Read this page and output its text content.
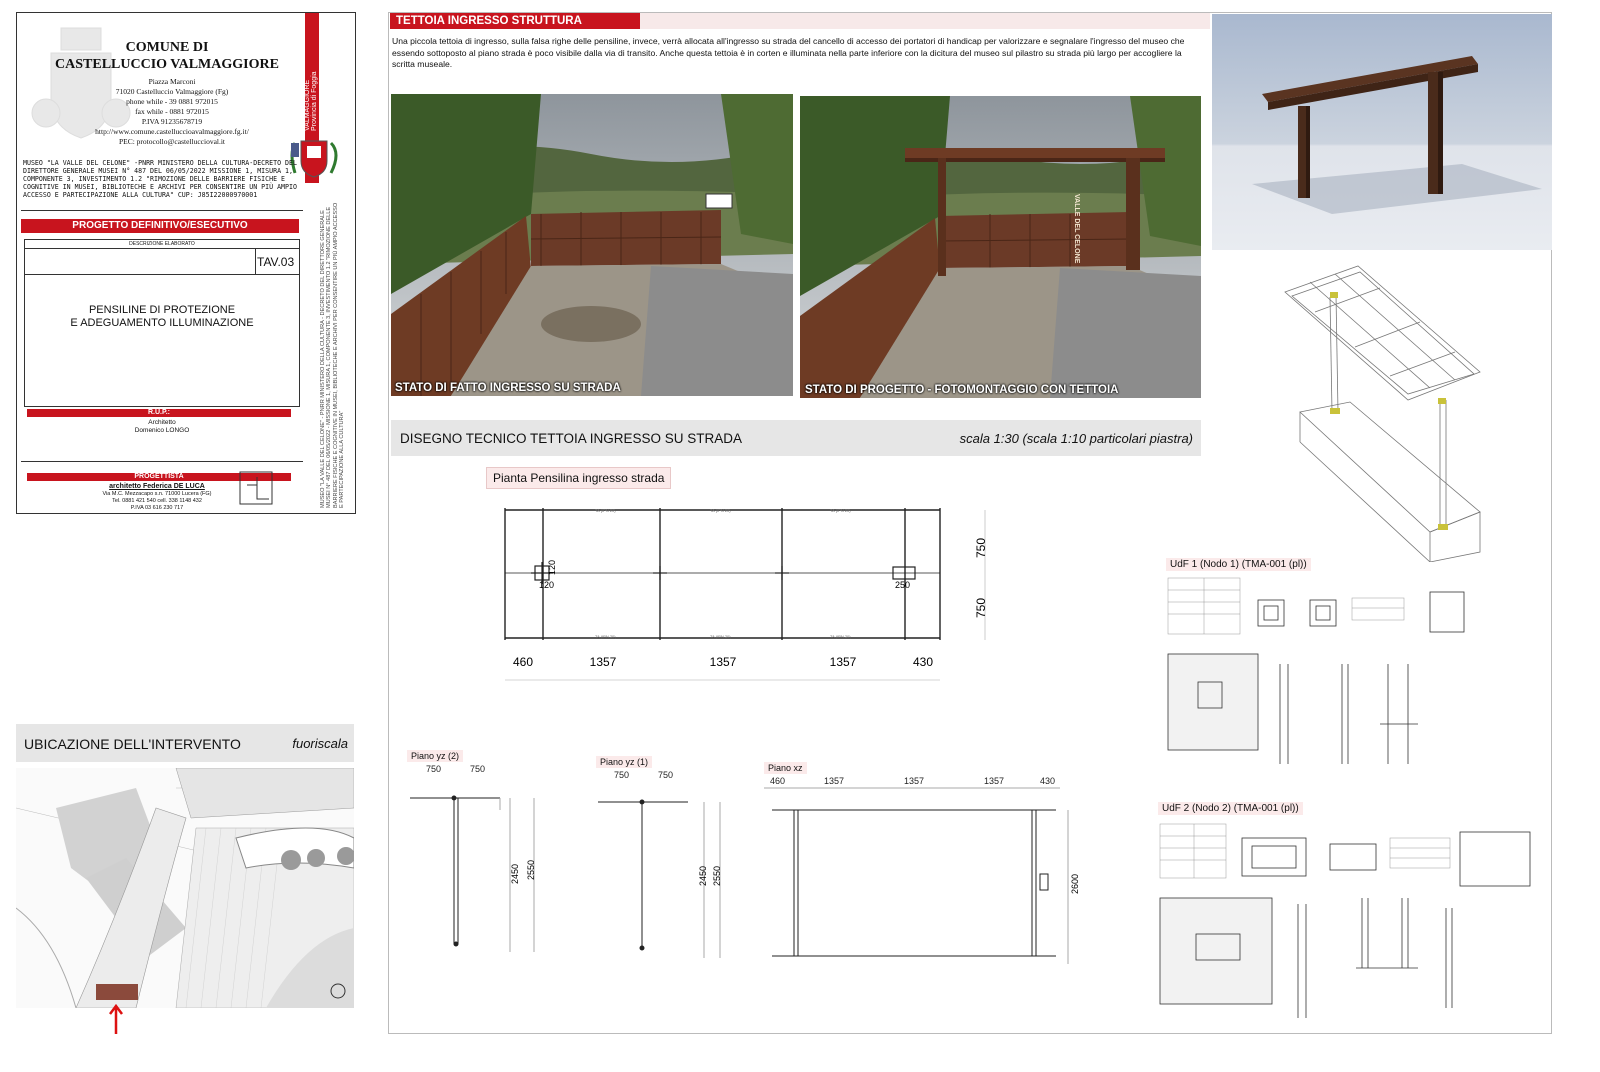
COMUNE DI
CASTELLUCCIO VALMAGGIORE
Piazza Marconi
71020 Castelluccio Valmaggiore (Fg)
phone while - 39 0881 972015
fax while - 0881 972015
P.IVA 91235678719
http://www.comune.castelluccioavalmaggiore.fg.it/
PEC: protocollo@castelluccioval.it
COMUNE DI CASTELLUCCIO VALMAGGIORE
Provincia di Foggia
MUSEO "LA VALLE DEL CELONE" - PNRR MINISTERO DELLA CULTURA - DECRETO DEL DIRETTORE GENERALE MUSEI N° 487 DEL 06/05/2022 - MISSIONE 1, MISURA 1, COMPONENTE 3, INVESTIMENTO 1.2 "RIMOZIONE DELLE BARRIERE FISICHE E COGNITIVE IN MUSEI, BIBLIOTECHE E ARCHIVI PER CONSENTIRE UN PIÙ AMPIO ACCESSO E PARTECIPAZIONE ALLA CULTURA"
MUSEO "LA VALLE DEL CELONE" -PNRR MINISTERO DELLA CULTURA-DECRETO DEL DIRETTORE GENERALE MUSEI N° 487 DEL 06/05/2022 MISSIONE 1, MISURA 1, COMPONENTE 3, INVESTIMENTO 1.2 "RIMOZIONE DELLE BARRIERE FISICHE E COGNITIVE IN MUSEI, BIBLIOTECHE E ARCHIVI PER CONSENTIRE UN PIÙ AMPIO ACCESSO E PARTECIPAZIONE ALLA CULTURA" CUP: J85I22000970001
PROGETTO DEFINITIVO/ESECUTIVO
DESCRIZIONE ELABORATO
TAV.03
PENSILINE DI PROTEZIONE
E ADEGUAMENTO ILLUMINAZIONE
R.U.P.:
Architetto
Domenico LONGO
PROGETTISTA
architetto Federica DE LUCA
Via M.C. Mezzacapo s.n. 71000 Lucera (FG)
Tel. 0881 421 540 cell. 338 1148 432
P.IVA 03 616 230 717
UBICAZIONE DELL'INTERVENTO	fuoriscala
TETTOIA INGRESSO STRUTTURA
Una piccola tettoia di ingresso, sulla falsa righe delle pensiline, invece, verrà allocata all'ingresso su strada del cancello di accesso dei portatori di handicap per valorizzare e segnalare l'ingresso del museo che essendo sottoposto al piano strada è poco visibile dalla via di transito. Anche questa tettoia è in corten e illuminata nella parte inferiore con la dicitura del museo sul pilastro su strada più largo per accogliere la scritta museale.
STATO DI FATTO INGRESSO SU STRADA
VALLE DEL CELONE
STATO DI PROGETTO - FOTOMONTAGGIO CON TETTOIA
DISEGNO TECNICO TETTOIA INGRESSO SU STRADA	scala 1:30 (scala 1:10 particolari piastra)
Pianta Pensilina ingresso strada
TA (IPN 20)	TA (IPN 20)	TA (IPN 20)
TA (IPN 20)	TA (IPN 20)	TA (IPN 20)
750
750
120
120	250
460	1357	1357	1357	430
Piano yz (2)
750	750
2450 2550
Piano yz (1)
750	750
2450 2550
Piano xz
460	1357	1357	1357	430
2600
UdF 1 (Nodo 1) (TMA-001 (pl))
UdF 2 (Nodo 2) (TMA-001 (pl))
